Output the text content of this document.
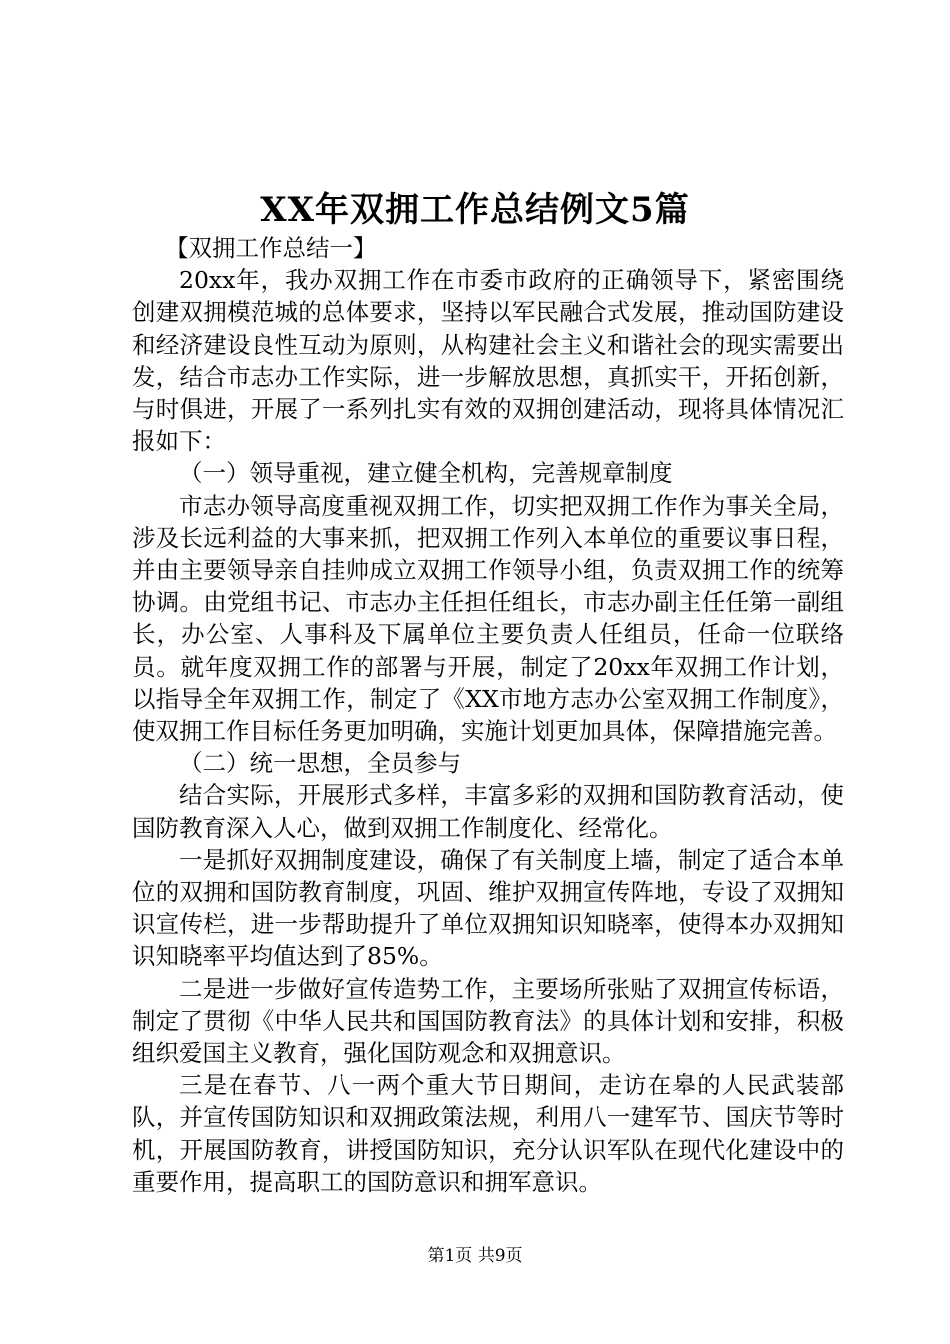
XX年双拥工作总结例文5篇

【双拥工作总结一】

20xx年，我办双拥工作在市委市政府的正确领导下，紧密围绕创建双拥模范城的总体要求，坚持以军民融合式发展，推动国防建设和经济建设良性互动为原则，从构建社会主义和谐社会的现实需要出发，结合市志办工作实际，进一步解放思想，真抓实干，开拓创新，与时俱进，开展了一系列扎实有效的双拥创建活动，现将具体情况汇报如下：

（一）领导重视，建立健全机构，完善规章制度

市志办领导高度重视双拥工作，切实把双拥工作作为事关全局，涉及长远利益的大事来抓，把双拥工作列入本单位的重要议事日程，并由主要领导亲自挂帅成立双拥工作领导小组，负责双拥工作的统筹协调。由党组书记、市志办主任担任组长，市志办副主任任第一副组长，办公室、人事科及下属单位主要负责人任组员，任命一位联络员。就年度双拥工作的部署与开展，制定了20xx年双拥工作计划，以指导全年双拥工作，制定了《XX市地方志办公室双拥工作制度》，使双拥工作目标任务更加明确，实施计划更加具体，保障措施完善。

（二）统一思想，全员参与

结合实际，开展形式多样，丰富多彩的双拥和国防教育活动，使国防教育深入人心，做到双拥工作制度化、经常化。

一是抓好双拥制度建设，确保了有关制度上墙，制定了适合本单位的双拥和国防教育制度，巩固、维护双拥宣传阵地，专设了双拥知识宣传栏，进一步帮助提升了单位双拥知识知晓率，使得本办双拥知识知晓率平均值达到了85%。

二是进一步做好宣传造势工作，主要场所张贴了双拥宣传标语，制定了贯彻《中华人民共和国国防教育法》的具体计划和安排，积极组织爱国主义教育，强化国防观念和双拥意识。

三是在春节、八一两个重大节日期间，走访在皋的人民武装部队，并宣传国防知识和双拥政策法规，利用八一建军节、国庆节等时机，开展国防教育，讲授国防知识，充分认识军队在现代化建设中的重要作用，提高职工的国防意识和拥军意识。

第1页 共9页
